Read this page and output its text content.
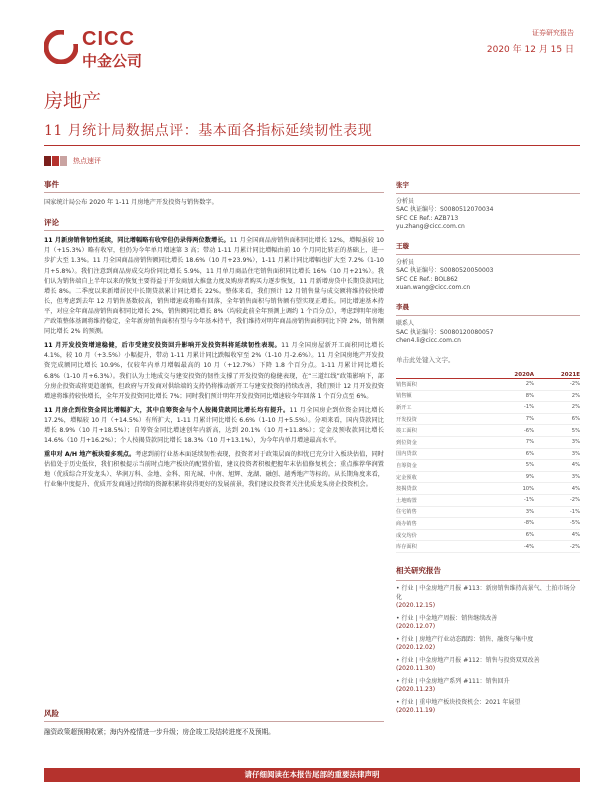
CICC
中金公司
证券研究报告
2020 年 12 月 15 日
房地产
11 月统计局数据点评：基本面各指标延续韧性表现
热点速评
事件
国家统计局公布 2020 年 1-11 月房地产开发投资与销售数字。
评论
11 月新房销售韧性延续，同比增幅略有收窄但仍录得两位数增长。11 月全国商品房销售面积同比增长 12%，增幅虽较 10 月（+15.3%）略有收窄，但仍为今年单月增速第 3 高；带动 1-11 月累计同比增幅由前 10 个月同比转正的基础上，进一步扩大至 1.3%。11 月全国商品房销售额同比增长 18.6%（10 月+23.9%），1-11 月累计同比增幅也扩大至 7.2%（1-10 月+5.8%）。我们注意到商品房成交均价同比增长 5.9%，11 月单月商品住宅销售面积同比增长 16%（10 月+21%）。我们认为销售端自上半年以来的恢复主要得益于开发商加大推盘力度及购房者购买力逐步恢复，11 月新增房贷中长期贷款同比增长 8%。二季度以来新增居民中长期贷款累计同比增长 22%。整体来看，我们预计 12 月销售量与成交额将维持较快增长，但考虑到去年 12 月销售基数较高，销售增速或将略有回落，全年销售面积与销售额有望实现正增长。同比增速基本持平，对应全年商品房销售面积同比增长 2%，销售额同比增长 8%（均较此前全年预测上调约 1 个百分点），考虑到明年房地产政策整体基调将维持稳定，全年新房销售面积有望与今年基本持平，我们维持对明年商品房销售面积同比下降 2%，销售额同比增长 2% 的预测。
11 月开发投资增速稳健，后市受建安投资回升影响开发投资料将延续韧性表现。11 月全国房屋新开工面积同比增长 4.1%，较 10 月（+3.5%）小幅提升，带动 1-11 月累计同比跌幅收窄至 2%（1-10 月-2.6%）。11 月全国房地产开发投资完成额同比增长 10.9%，仅较年内单月增幅最高的 10 月（+12.7%）下降 1.8 个百分点。1-11 月累计同比增长 6.8%（1-10 月+6.3%）。我们认为土地成交与建安投资的韧性支撑了开发投资的稳健表现，在“三道红线”政策影响下，部分房企投资或将更趋谨慎，但政府与开发商对供给端的支持仍将推动新开工与建安投资的持续改善，我们预计 12 月开发投资增速将维持较快增长，全年开发投资同比增长 7%；同时我们预计明年开发投资同比增速较今年回落 1 个百分点至 6%。
11 月房企到位资金同比增幅扩大，其中自筹资金与个人按揭贷款同比增长均有提升。11 月全国房企到位资金同比增长 17.2%，增幅较 10 月（+14.5%）有所扩大，1-11 月累计同比增长 6.6%（1-10 月+5.5%）。分项来看，国内贷款同比增长 8.9%（10 月+18.5%）；自筹资金同比增速创年内新高，达到 20.1%（10 月+11.8%）；定金及预收款同比增长 14.6%（10 月+16.2%）；个人按揭贷款同比增长 18.3%（10 月+13.1%），为今年内单月增速最高水平。
重申对 A/H 地产板块看多观点。考虑到前行业基本面延续韧性表现，投资者对于政策层面的担忧已充分计入板块估值，同时估值处于历史低位，我们积极提示当前时点地产板块的配置价值，建议投资者积极把握年末估值修复机会；重点推荐华润置地（优质综合开发龙头）、华润万科、金地、金科、阳光城、中南、旭辉、龙湖、融创、越秀地产等标的。从长期角度来看，行业集中度提升、优质开发商通过持续的资源积累将获得更好的发展前景，我们建议投资者关注优质龙头房企投资机会。
张宇
分析员
SAC 执证编号：S0080512070034
SFC CE Ref.: AZB713
yu.zhang@cicc.com.cn
王璇
分析员
SAC 执证编号：S0080520050003
SFC CE Ref.: BOL862
xuan.wang@cicc.com.cn
李晨
联系人
SAC 执证编号：S0080120080057
chen4.li@cicc.com.cn
单击此处键入文字。
2020A	2021E
销售面积	2%	-2%
销售额	8%	2%
新开工	-1%	2%
开发投资	7%	6%
竣工面积	-6%	5%
到位资金	7%	3%
国内贷款	6%	3%
自筹资金	5%	4%
定金预收	9%	3%
按揭贷款	10%	4%
土地购置	-1%	-2%
住宅销售	3%	-1%
商办销售	-8%	-5%
成交均价	6%	4%
库存面积	-4%	-2%
相关研究报告
• 行业 | 中金房地产月报 #113：新房销售维持高景气、土拍市场分化
(2020.12.15)
• 行业 | 中金地产周报：销售继续改善
(2020.12.07)
• 行业 | 房地产行业动态跟踪：销售、融资与集中度
(2020.12.02)
• 行业 | 中金房地产月报 #112：销售与投资双双改善
(2020.11.30)
• 行业 | 中金房地产系列 #111：销售回升
(2020.11.23)
• 行业 | 重申地产板块投资机会：2021 年展望
(2020.11.19)
风险
融资政策超预期收紧；海内外疫情进一步升级；房企竣工及结转进度不及预期。
请仔细阅读在本报告尾部的重要法律声明
